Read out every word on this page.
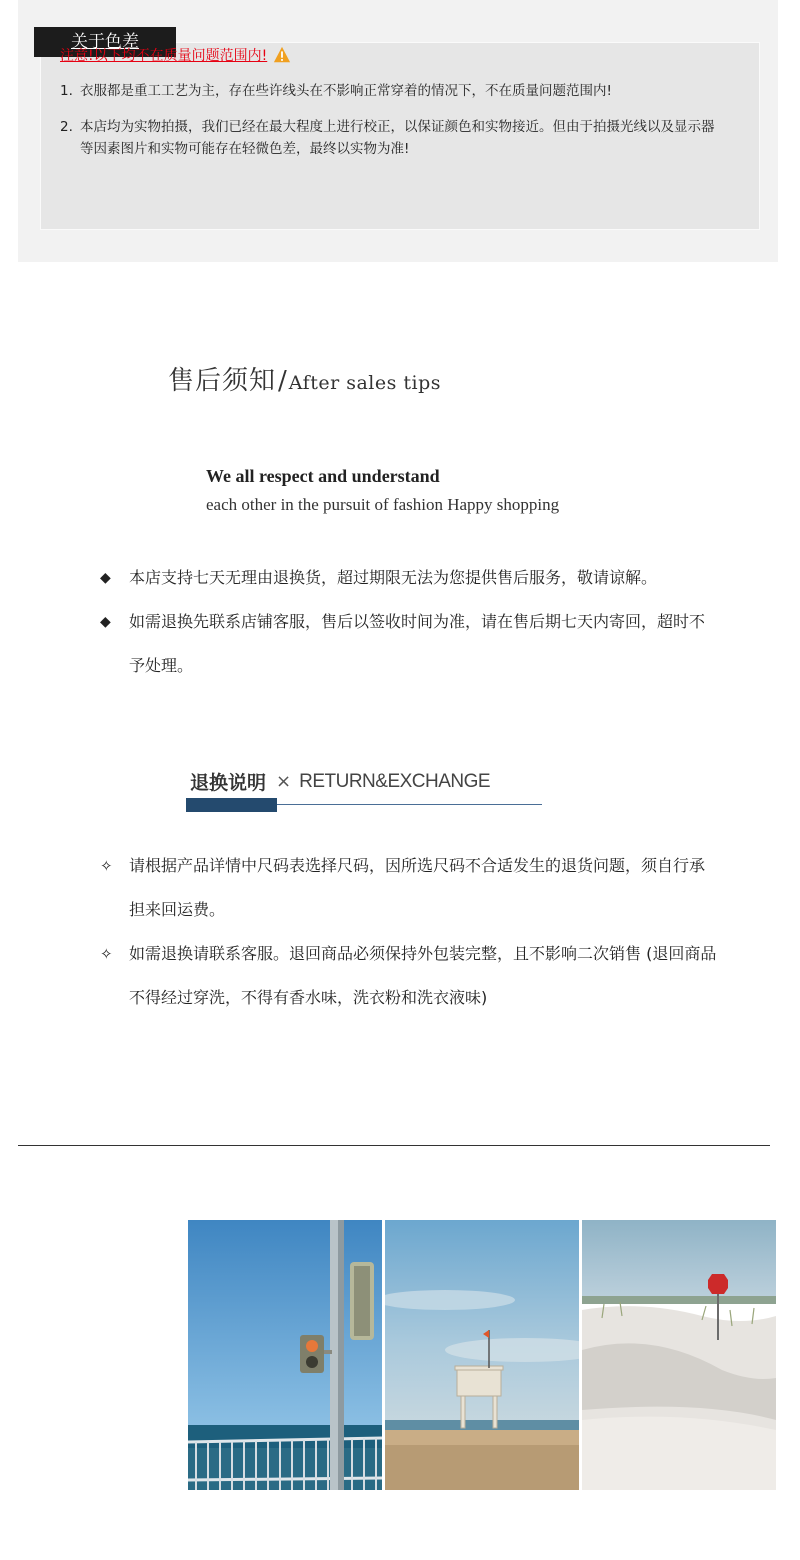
关于色差
注意!以下均不在质量问题范围内!
1. 衣服都是重工工艺为主，存在些许线头在不影响正常穿着的情况下，不在质量问题范围内!
2. 本店均为实物拍摄，我们已经在最大程度上进行校正，以保证颜色和实物接近。但由于拍摄光线以及显示器等因素图片和实物可能存在轻微色差，最终以实物为准!
售后须知 / After sales tips
We all respect and understand
each other in the pursuit of fashion Happy shopping
◆	本店支持七天无理由退换货，超过期限无法为您提供售后服务，敬请谅解。
◆	如需退换先联系店铺客服，售后以签收时间为准，请在售后期七天内寄回，超时不予处理。
退换说明 × RETURN&EXCHANGE
✧	请根据产品详情中尺码表选择尺码，因所选尺码不合适发生的退货问题，须自行承担来回运费。
✧	如需退换请联系客服。退回商品必须保持外包装完整，且不影响二次销售 (退回商品不得经过穿洗，不得有香水味，洗衣粉和洗衣液味)
